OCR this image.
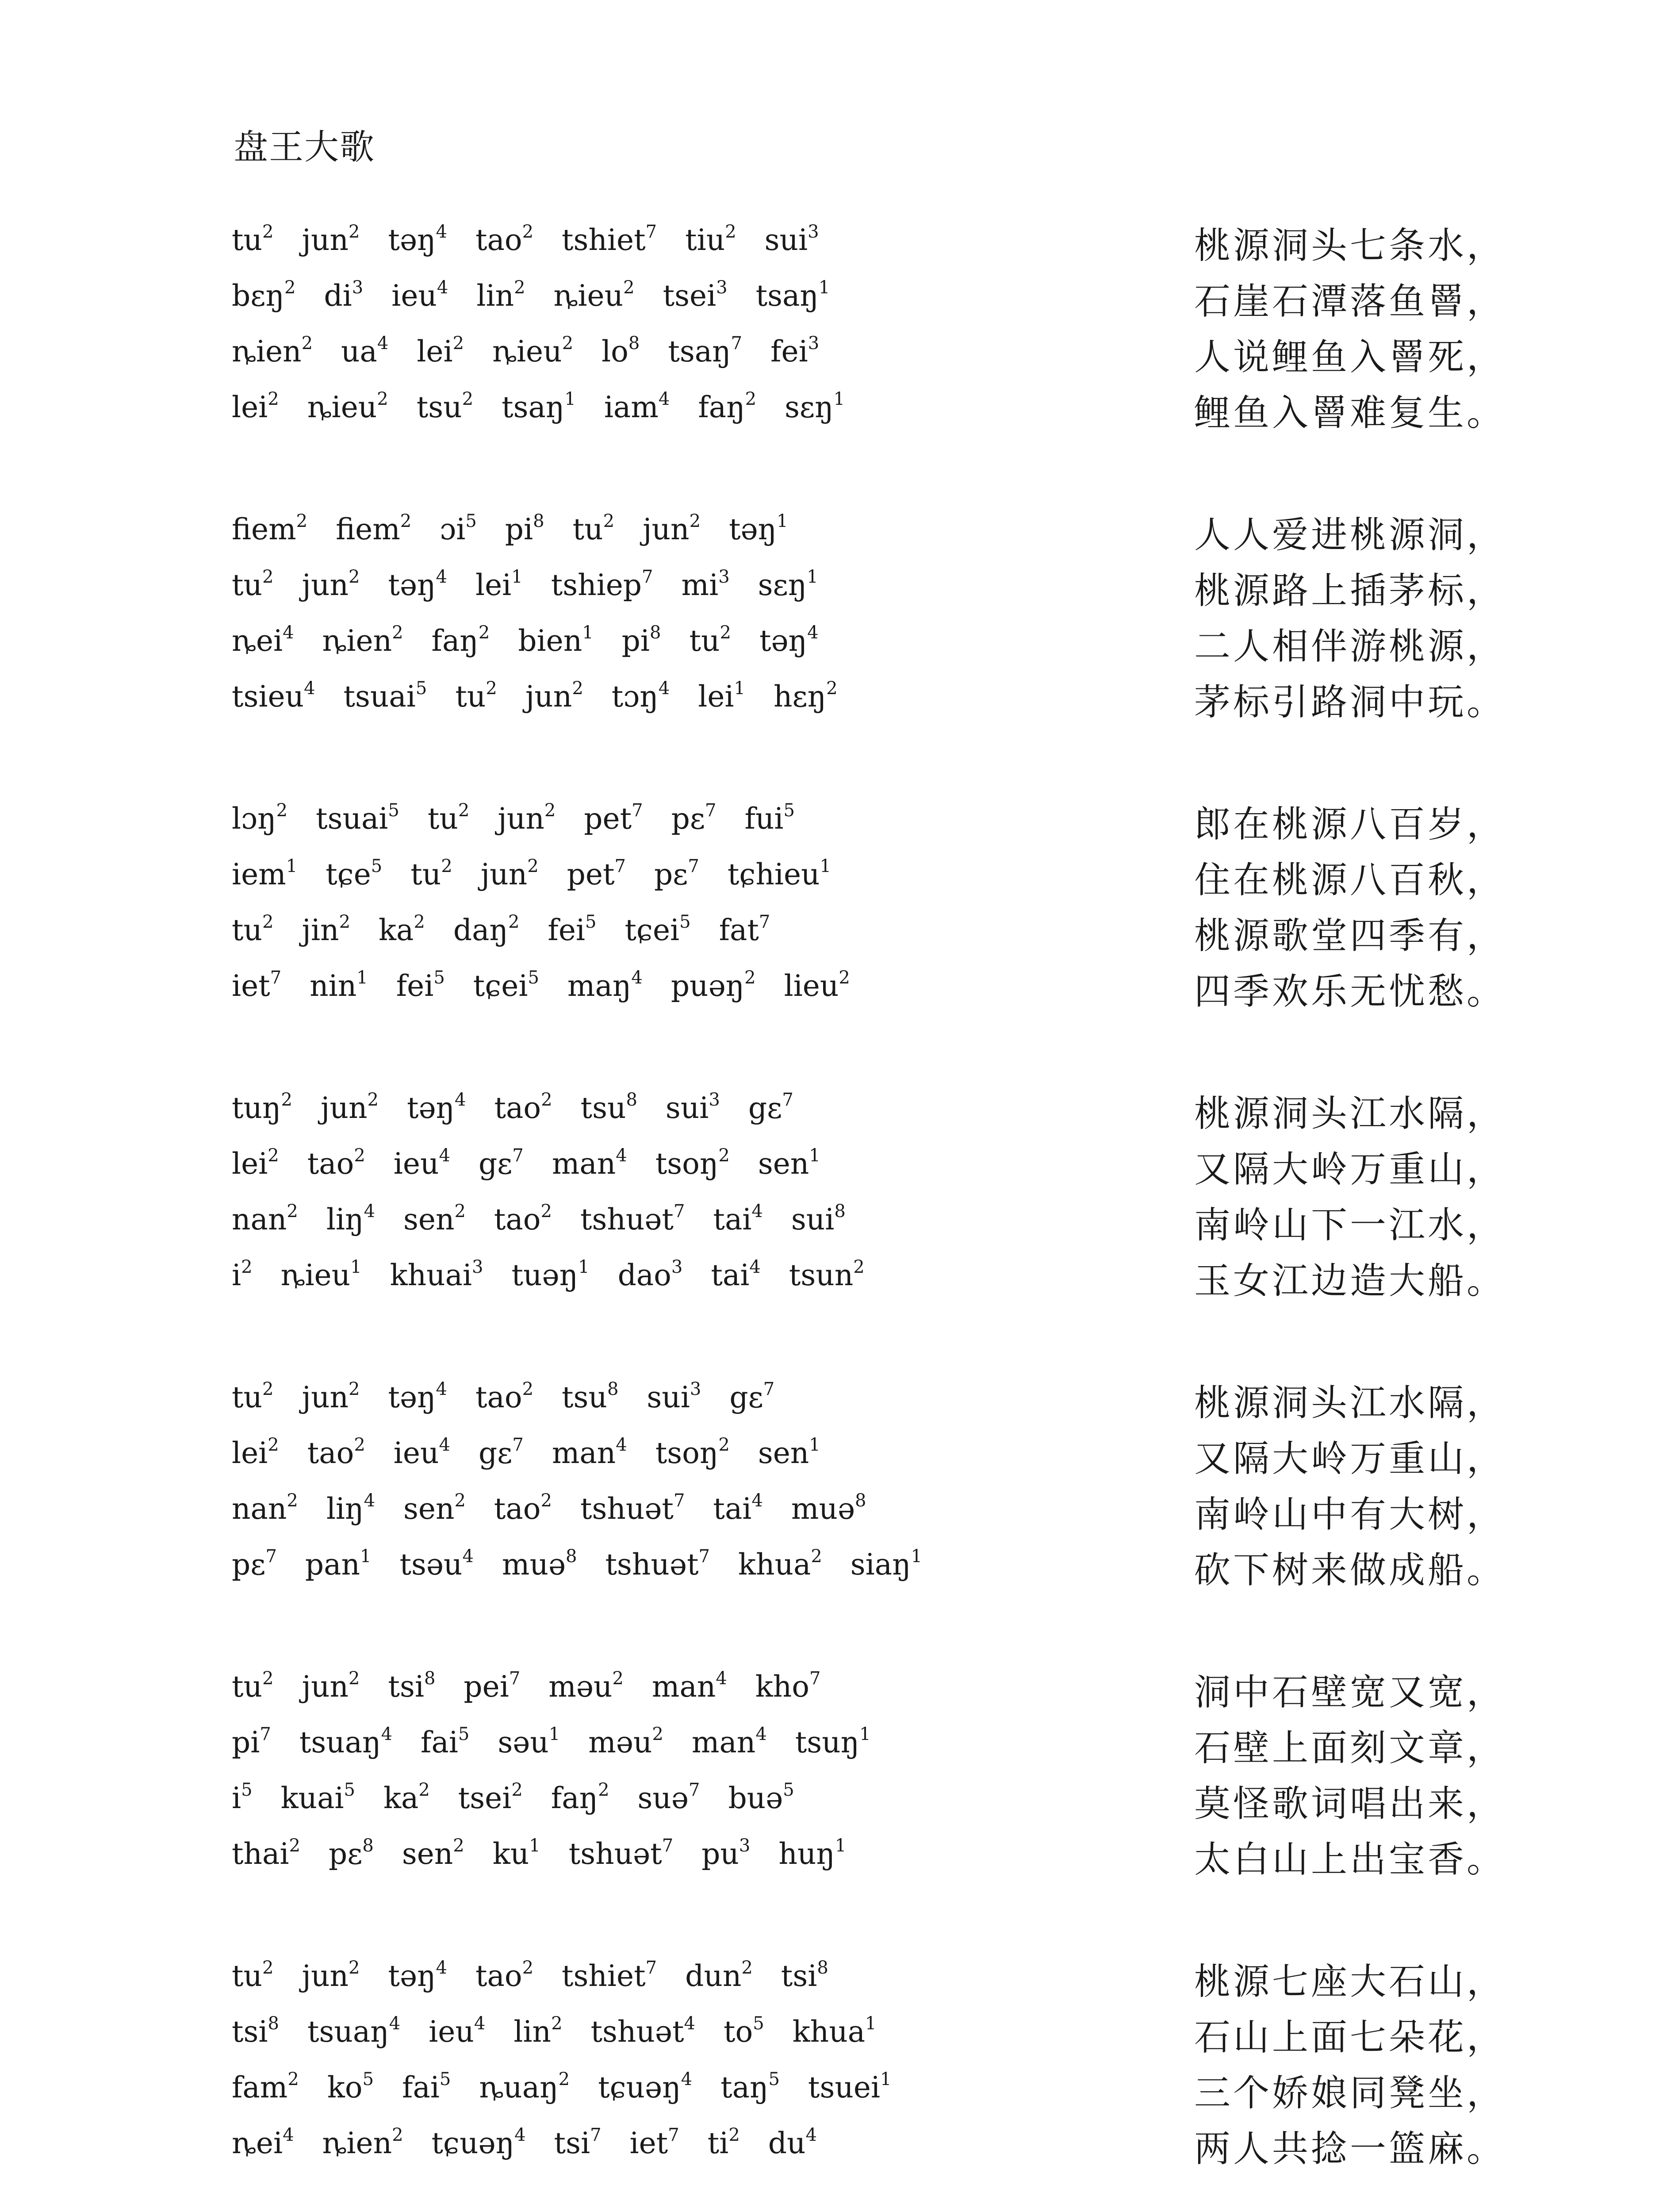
盘王大歌
$tu^2$ jun$^2$ təŋ$^4$ tao$^2$ tshiet$^7$ tiu$^2$ sui$^3$	桃源洞头七条水，
bɛŋ$^2$ $di^3$ ieu$^4$ lin$^2$ ȵieu$^2$ tsei$^3$ tsaŋ$^1$	石崖石潭落鱼罾，
ȵien$^2$ $ua^4$ lei$^2$ ȵieu$^2$ $lo^8$ tsaŋ$^7$ fei$^3$	人说鲤鱼入罾死，
lei$^2$ ȵieu$^2$ tsu$^2$ tsaŋ$^1$ iam$^4$ faŋ$^2$ sɛŋ$^1$	鲤鱼入罾难复生。
fiem$^2$ fiem$^2$ ɔi$^5$ $pi^8$ $tu^2$ jun$^2$ təŋ$^1$	人人爱进桃源洞，
$tu^2$ jun$^2$ təŋ$^4$ lei$^1$ tshiep$^7$ $mi^3$ sɛŋ$^1$	桃源路上插茅标，
ȵei$^4$ ȵien$^2$ faŋ$^2$ bien$^1$ $pi^8$ $tu^2$ təŋ$^4$	二人相伴游桃源，
tsieu$^4$ tsuai$^5$ $tu^2$ jun$^2$ tɔŋ$^4$ lei$^1$ hɛŋ$^2$	茅标引路洞中玩。
lɔŋ$^2$ tsuai$^5$ $tu^2$ jun$^2$ pet$^7$ pɛ$^7$ fui$^5$	郎在桃源八百岁，
iem$^1$ tɕe$^5$ $tu^2$ jun$^2$ pet$^7$ pɛ$^7$ tɕhieu$^1$	住在桃源八百秋，
$tu^2$ jin$^2$ $ka^2$ daŋ$^2$ fei$^5$ tɕei$^5$ fat$^7$	桃源歌堂四季有，
iet$^7$ nin$^1$ fei$^5$ tɕei$^5$ maŋ$^4$ puəŋ$^2$ lieu$^2$	四季欢乐无忧愁。
tuŋ$^2$ jun$^2$ təŋ$^4$ tao$^2$ tsu$^8$ sui$^3$ gɛ$^7$	桃源洞头江水隔，
lei$^2$ tao$^2$ ieu$^4$ gɛ$^7$ man$^4$ tsoŋ$^2$ sen$^1$	又隔大岭万重山，
nan$^2$ liŋ$^4$ sen$^2$ tao$^2$ tshuət$^7$ tai$^4$ sui$^8$	南岭山下一江水，
$i^2$ ȵieu$^1$ khuai$^3$ tuəŋ$^1$ dao$^3$ tai$^4$ tsun$^2$	玉女江边造大船。
$tu^2$ jun$^2$ təŋ$^4$ tao$^2$ tsu$^8$ sui$^3$ gɛ$^7$	桃源洞头江水隔，
lei$^2$ tao$^2$ ieu$^4$ gɛ$^7$ man$^4$ tsoŋ$^2$ sen$^1$	又隔大岭万重山，
nan$^2$ liŋ$^4$ sen$^2$ tao$^2$ tshuət$^7$ tai$^4$ muə$^8$	南岭山中有大树，
pɛ$^7$ pan$^1$ tsəu$^4$ muə$^8$ tshuət$^7$ khua$^2$ siaŋ$^1$	砍下树来做成船。
$tu^2$ jun$^2$ tsi$^8$ pei$^7$ məu$^2$ man$^4$ kho$^7$	洞中石壁宽又宽，
$pi^7$ tsuaŋ$^4$ fai$^5$ səu$^1$ məu$^2$ man$^4$ tsuŋ$^1$	石壁上面刻文章，
$i^5$ kuai$^5$ $ka^2$ tsei$^2$ faŋ$^2$ suə$^7$ buə$^5$	莫怪歌词唱出来，
thai$^2$ pɛ$^8$ sen$^2$ $ku^1$ tshuət$^7$ $pu^3$ huŋ$^1$	太白山上出宝香。
$tu^2$ jun$^2$ təŋ$^4$ tao$^2$ tshiet$^7$ dun$^2$ tsi$^8$	桃源七座大石山，
tsi$^8$ tsuaŋ$^4$ ieu$^4$ lin$^2$ tshuət$^4$ $to^5$ khua$^1$	石山上面七朵花，
fam$^2$ $ko^5$ fai$^5$ ȵuaŋ$^2$ tɕuəŋ$^4$ taŋ$^5$ tsuei$^1$	三个娇娘同凳坐，
ȵei$^4$ ȵien$^2$ tɕuəŋ$^4$ tsi$^7$ iet$^7$ $ti^2$ $du^4$	两人共捻一篮麻。
